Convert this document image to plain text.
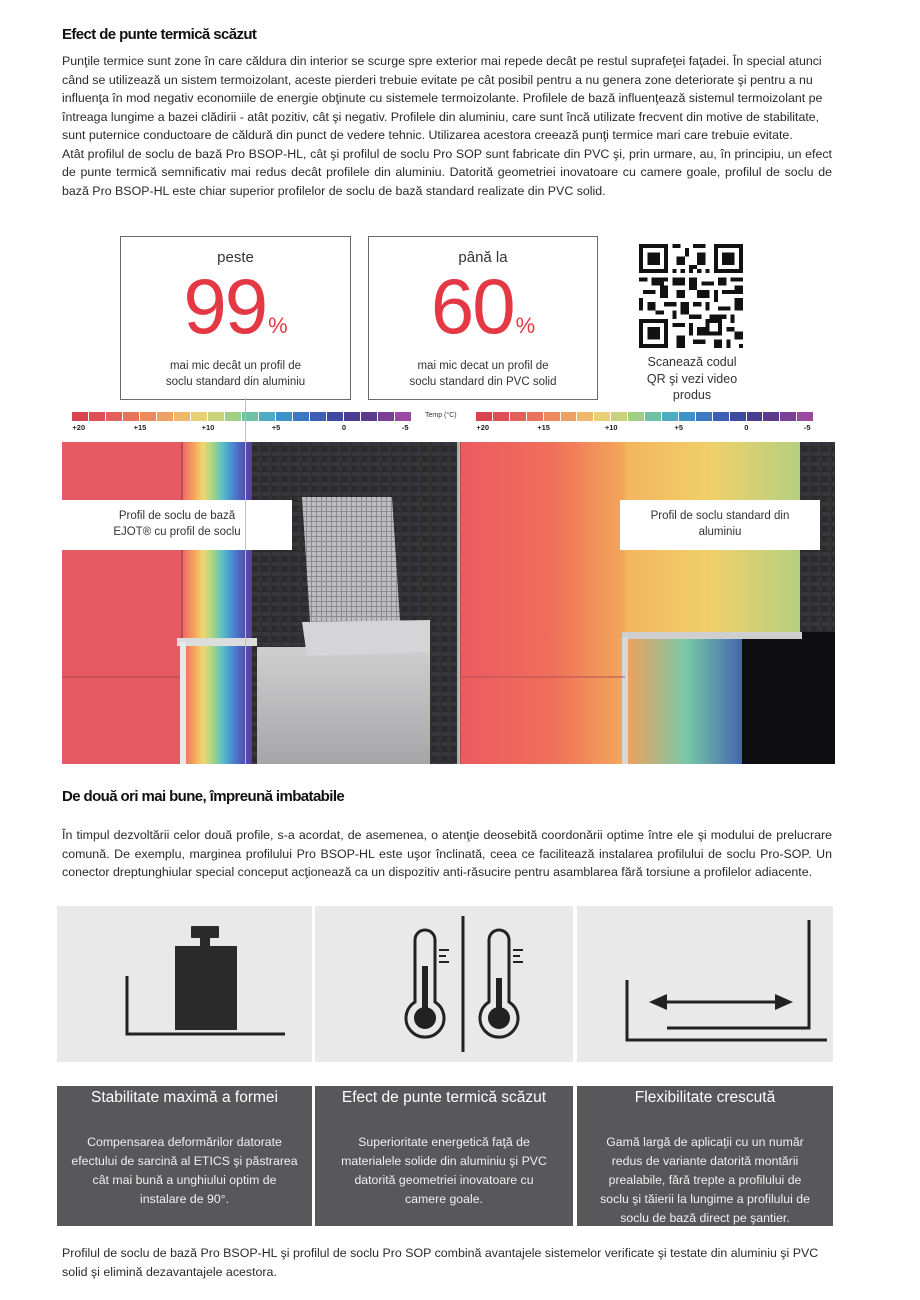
Efect de punte termică scăzut

Punţile termice sunt zone în care căldura din interior se scurge spre exterior mai repede decât pe restul suprafeţei faţadei. În special atunci când se utilizează un sistem termoizolant, aceste pierderi trebuie evitate pe cât posibil pentru a nu genera zone deteriorate şi pentru a nu influenţa în mod negativ economiile de energie obţinute cu sistemele termoizolante. Profilele de bază influenţează sistemul termoizolant pe întreaga lungime a bazei clădirii - atât pozitiv, cât şi negativ. Profilele din aluminiu, care sunt încă utilizate frecvent din motive de stabilitate, sunt puternice conductoare de căldură din punct de vedere tehnic. Utilizarea acestora creează punţi termice mari care trebuie evitate.

Atât profilul de soclu de bază Pro BSOP-HL, cât şi profilul de soclu Pro SOP sunt fabricate din PVC şi, prin urmare, au, în principiu, un efect de punte termică semnificativ mai redus decât profilele din aluminiu. Datorită geometriei inovatoare cu camere goale, profilul de soclu de bază Pro BSOP-HL este chiar superior profilelor de soclu de bază standard realizate din PVC solid.

peste
99%
mai mic decât un profil de
soclu standard din aluminiu
până la
60%
mai mic decat un profil de
soclu standard din PVC solid
Scanează codul
QR şi vezi video
produs
+20	+15	+10	+5	0	-5
Temp (°C)
+20	+15	+10	+5	0	-5
Profil de soclu de bază
EJOT® cu profil de soclu
Profil de soclu standard din
aluminiu
De două ori mai bune, împreună imbatabile
În timpul dezvoltării celor două profile, s-a acordat, de asemenea, o atenţie deosebită coordonării optime între ele şi modului de prelucrare comună. De exemplu, marginea profilului Pro BSOP-HL este uşor înclinată, ceea ce facilitează instalarea profilului de soclu Pro-SOP. Un conector dreptunghiular special conceput acţionează ca un dispozitiv anti-răsucire pentru asamblarea fără torsiune a profilelor adiacente.
Stabilitate maximă a formei
Compensarea deformărilor datorate
efectului de sarcină al ETICS şi păstrarea
cât mai bună a unghiului optim de
instalare de 90°.
Efect de punte termică scăzut
Superioritate energetică faţă de
materialele solide din aluminiu şi PVC
datorită geometriei inovatoare cu
camere goale.
Flexibilitate crescută
Gamă largă de aplicaţii cu un număr
redus de variante datorită montării
prealabile, fără trepte a profilului de
soclu şi tăierii la lungime a profilului de
soclu de bază direct pe şantier.
Profilul de soclu de bază Pro BSOP-HL şi profilul de soclu Pro SOP combină avantajele sistemelor verificate şi testate din aluminiu şi PVC solid şi elimină dezavantajele acestora.
